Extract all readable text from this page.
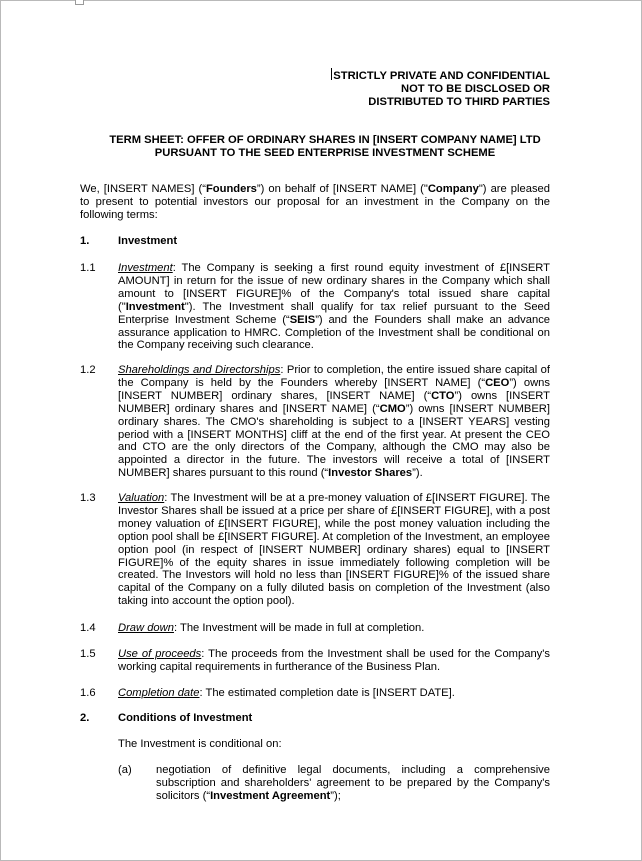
STRICTLY PRIVATE AND CONFIDENTIAL
NOT TO BE DISCLOSED OR
DISTRIBUTED TO THIRD PARTIES
TERM SHEET: OFFER OF ORDINARY SHARES IN [INSERT COMPANY NAME] LTD
PURSUANT TO THE SEED ENTERPRISE INVESTMENT SCHEME
We, [INSERT NAMES] (“Founders”) on behalf of [INSERT NAME] ("Company") are pleased to present to potential investors our proposal for an investment in the Company on the following terms:
1.	Investment
1.1 Investment: The Company is seeking a first round equity investment of £[INSERT AMOUNT] in return for the issue of new ordinary shares in the Company which shall amount to [INSERT FIGURE]% of the Company's total issued share capital ("Investment"). The Investment shall qualify for tax relief pursuant to the Seed Enterprise Investment Scheme (“SEIS”) and the Founders shall make an advance assurance application to HMRC. Completion of the Investment shall be conditional on the Company receiving such clearance.
1.2 Shareholdings and Directorships: Prior to completion, the entire issued share capital of the Company is held by the Founders whereby [INSERT NAME] (“CEO”) owns [INSERT NUMBER] ordinary shares, [INSERT NAME] (“CTO”) owns [INSERT NUMBER] ordinary shares and [INSERT NAME] (“CMO”) owns [INSERT NUMBER] ordinary shares. The CMO's shareholding is subject to a [INSERT YEARS] vesting period with a [INSERT MONTHS] cliff at the end of the first year. At present the CEO and CTO are the only directors of the Company, although the CMO may also be appointed a director in the future. The investors will receive a total of [INSERT NUMBER] shares pursuant to this round (“Investor Shares”).
1.3 Valuation: The Investment will be at a pre-money valuation of £[INSERT FIGURE]. The Investor Shares shall be issued at a price per share of £[INSERT FIGURE], with a post money valuation of £[INSERT FIGURE], while the post money valuation including the option pool shall be £[INSERT FIGURE]. At completion of the Investment, an employee option pool (in respect of [INSERT NUMBER] ordinary shares) equal to [INSERT FIGURE]% of the equity shares in issue immediately following completion will be created. The Investors will hold no less than [INSERT FIGURE]% of the issued share capital of the Company on a fully diluted basis on completion of the Investment (also taking into account the option pool).
1.4 Draw down: The Investment will be made in full at completion.
1.5 Use of proceeds: The proceeds from the Investment shall be used for the Company's working capital requirements in furtherance of the Business Plan.
1.6 Completion date: The estimated completion date is [INSERT DATE].
2.	Conditions of Investment
The Investment is conditional on:
(a) negotiation of definitive legal documents, including a comprehensive subscription and shareholders' agreement to be prepared by the Company's solicitors (“Investment Agreement”);
